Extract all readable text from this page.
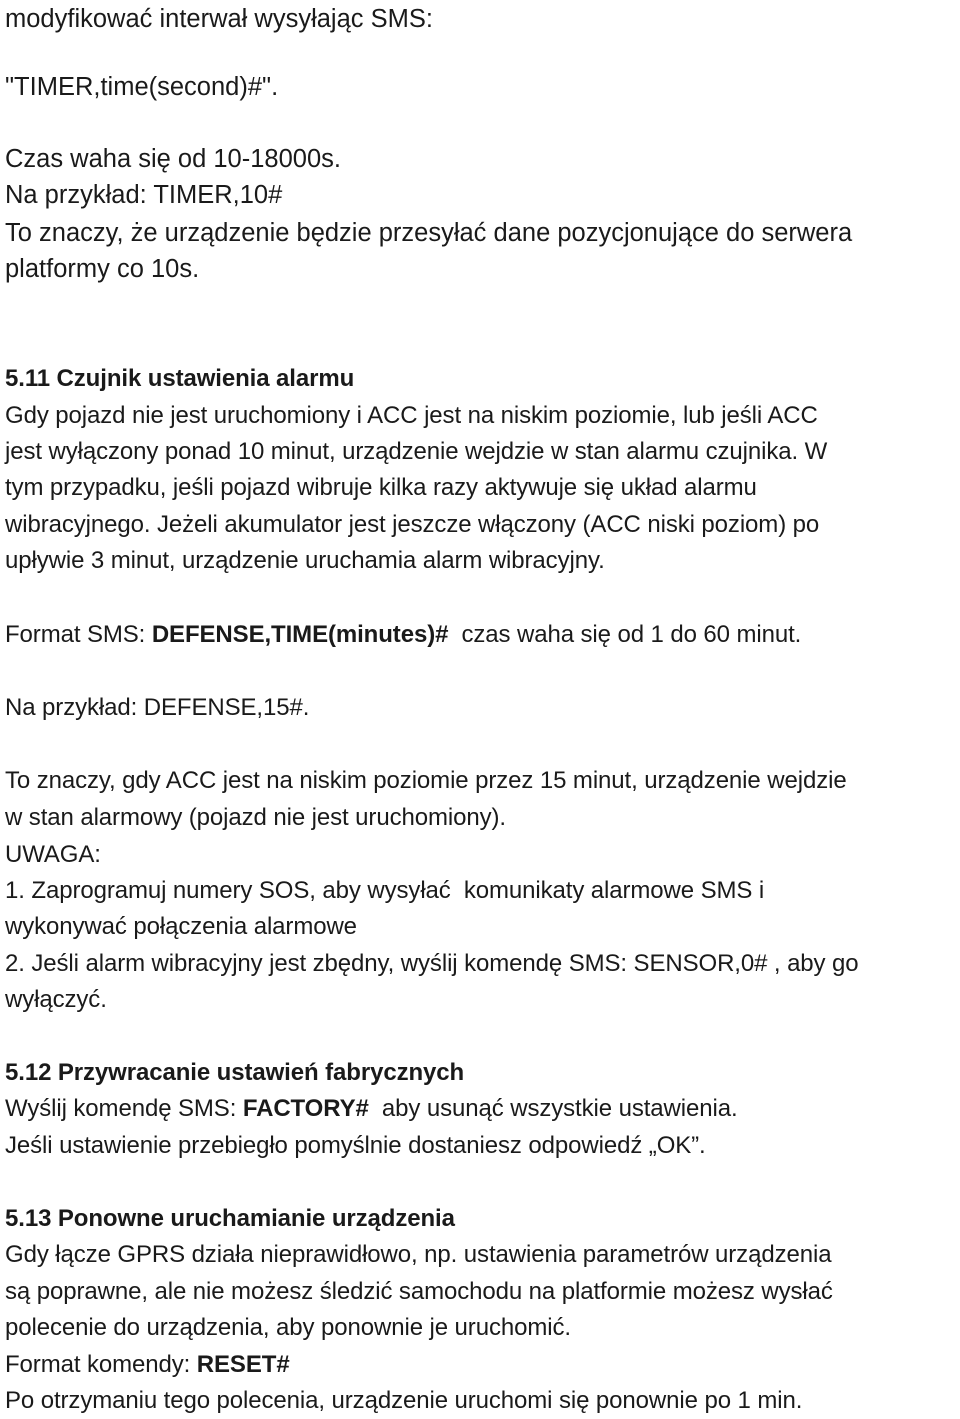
modyfikować interwał wysyłając SMS:
"TIMER,time(second)#".
Czas waha się od 10-18000s.
Na przykład: TIMER,10#
To znaczy, że urządzenie będzie przesyłać dane pozycjonujące do serwera
platformy co 10s.
5.11 Czujnik ustawienia alarmu
Gdy pojazd nie jest uruchomiony i ACC jest na niskim poziomie, lub jeśli ACC
jest wyłączony ponad 10 minut, urządzenie wejdzie w stan alarmu czujnika. W
tym przypadku, jeśli pojazd wibruje kilka razy aktywuje się układ alarmu
wibracyjnego. Jeżeli akumulator jest jeszcze włączony (ACC niski poziom) po
upływie 3 minut, urządzenie uruchamia alarm wibracyjny.
Format SMS: DEFENSE,TIME(minutes)#  czas waha się od 1 do 60 minut.
Na przykład: DEFENSE,15#.
To znaczy, gdy ACC jest na niskim poziomie przez 15 minut, urządzenie wejdzie
w stan alarmowy (pojazd nie jest uruchomiony).
UWAGA:
1. Zaprogramuj numery SOS, aby wysyłać  komunikaty alarmowe SMS i
wykonywać połączenia alarmowe
2. Jeśli alarm wibracyjny jest zbędny, wyślij komendę SMS: SENSOR,0# , aby go
wyłączyć.
5.12 Przywracanie ustawień fabrycznych
Wyślij komendę SMS: FACTORY#  aby usunąć wszystkie ustawienia.
Jeśli ustawienie przebiegło pomyślnie dostaniesz odpowiedź „OK”.
5.13 Ponowne uruchamianie urządzenia
Gdy łącze GPRS działa nieprawidłowo, np. ustawienia parametrów urządzenia
są poprawne, ale nie możesz śledzić samochodu na platformie możesz wysłać
polecenie do urządzenia, aby ponownie je uruchomić.
Format komendy: RESET#
Po otrzymaniu tego polecenia, urządzenie uruchomi się ponownie po 1 min.
